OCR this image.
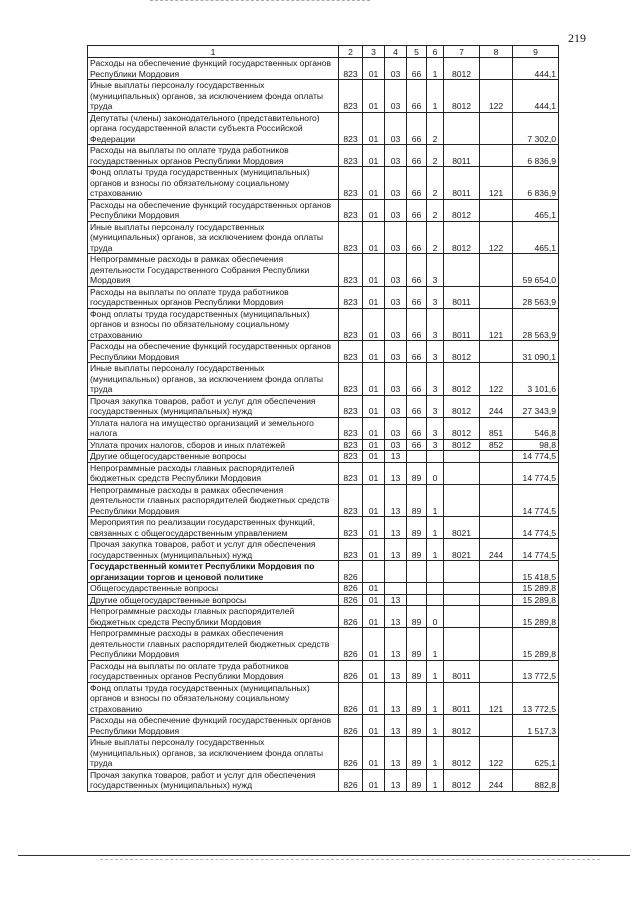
219
1	2	3	4	5	6	7	8	9
Расходы на обеспечение функций государственных органов Республики Мордовия	823	01	03	66	1	8012		444,1
Иные выплаты персоналу государственных (муниципальных) органов, за исключением фонда оплаты труда	823	01	03	66	1	8012	122	444,1
Депутаты (члены) законодательного (представительного) органа государственной власти субъекта Российской Федерации	823	01	03	66	2			7 302,0
Расходы на выплаты по оплате труда работников государственных органов Республики Мордовия	823	01	03	66	2	8011		6 836,9
Фонд оплаты труда государственных (муниципальных) органов и взносы по обязательному социальному страхованию	823	01	03	66	2	8011	121	6 836,9
Расходы на обеспечение функций государственных органов Республики Мордовия	823	01	03	66	2	8012		465,1
Иные выплаты персоналу государственных (муниципальных) органов, за исключением фонда оплаты труда	823	01	03	66	2	8012	122	465,1
Непрограммные расходы в рамках обеспечения деятельности Государственного Собрания Республики Мордовия	823	01	03	66	3			59 654,0
Расходы на выплаты по оплате труда работников государственных органов Республики Мордовия	823	01	03	66	3	8011		28 563,9
Фонд оплаты труда государственных (муниципальных) органов и взносы по обязательному социальному страхованию	823	01	03	66	3	8011	121	28 563,9
Расходы на обеспечение функций государственных органов Республики Мордовия	823	01	03	66	3	8012		31 090,1
Иные выплаты персоналу государственных (муниципальных) органов, за исключением фонда оплаты труда	823	01	03	66	3	8012	122	3 101,6
Прочая закупка товаров, работ и услуг для обеспечения государственных (муниципальных) нужд	823	01	03	66	3	8012	244	27 343,9
Уплата налога на имущество организаций и земельного налога	823	01	03	66	3	8012	851	546,8
Уплата прочих налогов, сборов и иных платежей	823	01	03	66	3	8012	852	98,8
Другие общегосударственные вопросы	823	01	13					14 774,5
Непрограммные расходы главных распорядителей бюджетных средств Республики Мордовия	823	01	13	89	0			14 774,5
Непрограммные расходы в рамках обеспечения деятельности главных распорядителей бюджетных средств Республики Мордовия	823	01	13	89	1			14 774,5
Мероприятия по реализации государственных функций, связанных с общегосударственным управлением	823	01	13	89	1	8021		14 774,5
Прочая закупка товаров, работ и услуг для обеспечения государственных (муниципальных) нужд	823	01	13	89	1	8021	244	14 774,5
Государственный комитет Республики Мордовия по организации торгов и ценовой политике	826							15 418,5
Общегосударственные вопросы	826	01						15 289,8
Другие общегосударственные вопросы	826	01	13					15 289,8
Непрограммные расходы главных распорядителей бюджетных средств Республики Мордовия	826	01	13	89	0			15 289,8
Непрограммные расходы в рамках обеспечения деятельности главных распорядителей бюджетных средств Республики Мордовия	826	01	13	89	1			15 289,8
Расходы на выплаты по оплате труда работников государственных органов Республики Мордовия	826	01	13	89	1	8011		13 772,5
Фонд оплаты труда государственных (муниципальных) органов и взносы по обязательному социальному страхованию	826	01	13	89	1	8011	121	13 772,5
Расходы на обеспечение функций государственных органов Республики Мордовия	826	01	13	89	1	8012		1 517,3
Иные выплаты персоналу государственных (муниципальных) органов, за исключением фонда оплаты труда	826	01	13	89	1	8012	122	625,1
Прочая закупка товаров, работ и услуг для обеспечения государственных (муниципальных) нужд	826	01	13	89	1	8012	244	882,8
